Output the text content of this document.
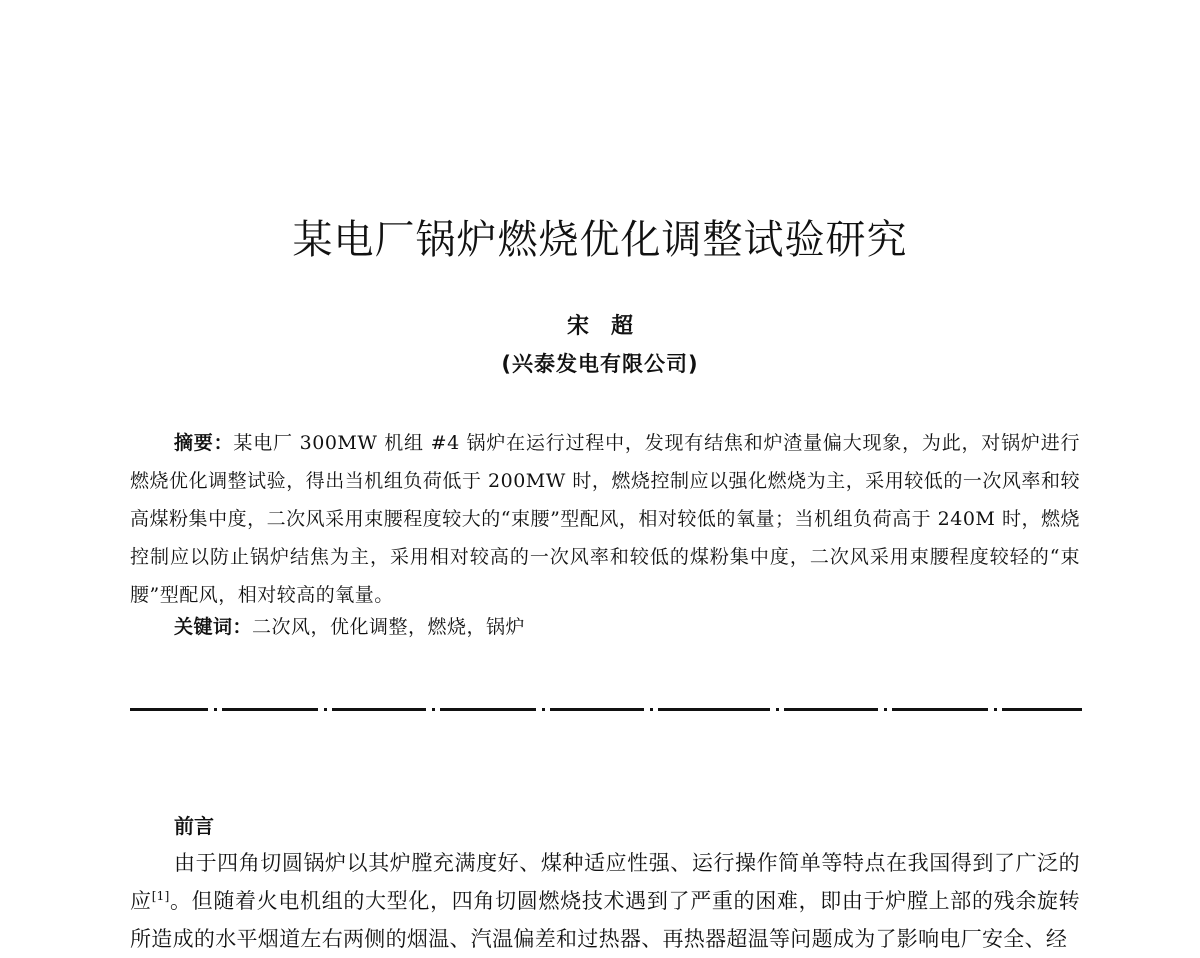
某电厂锅炉燃烧优化调整试验研究
宋超
(兴泰发电有限公司)
摘要：某电厂 300MW 机组 #4 锅炉在运行过程中，发现有结焦和炉渣量偏大现象，为此，对锅炉进行燃烧优化调整试验，得出当机组负荷低于 200MW 时，燃烧控制应以强化燃烧为主，采用较低的一次风率和较高煤粉集中度，二次风采用束腰程度较大的“束腰”型配风，相对较低的氧量；当机组负荷高于 240M 时，燃烧控制应以防止锅炉结焦为主，采用相对较高的一次风率和较低的煤粉集中度，二次风采用束腰程度较轻的“束腰”型配风，相对较高的氧量。
关键词：二次风，优化调整，燃烧，锅炉
前言
由于四角切圆锅炉以其炉膛充满度好、煤种适应性强、运行操作简单等特点在我国得到了广泛的应[1]。但随着火电机组的大型化，四角切圆燃烧技术遇到了严重的困难，即由于炉膛上部的残余旋转所造成的水平烟道左右两侧的烟温、汽温偏差和过热器、再热器超温等问题成为了影响电厂安全、经
